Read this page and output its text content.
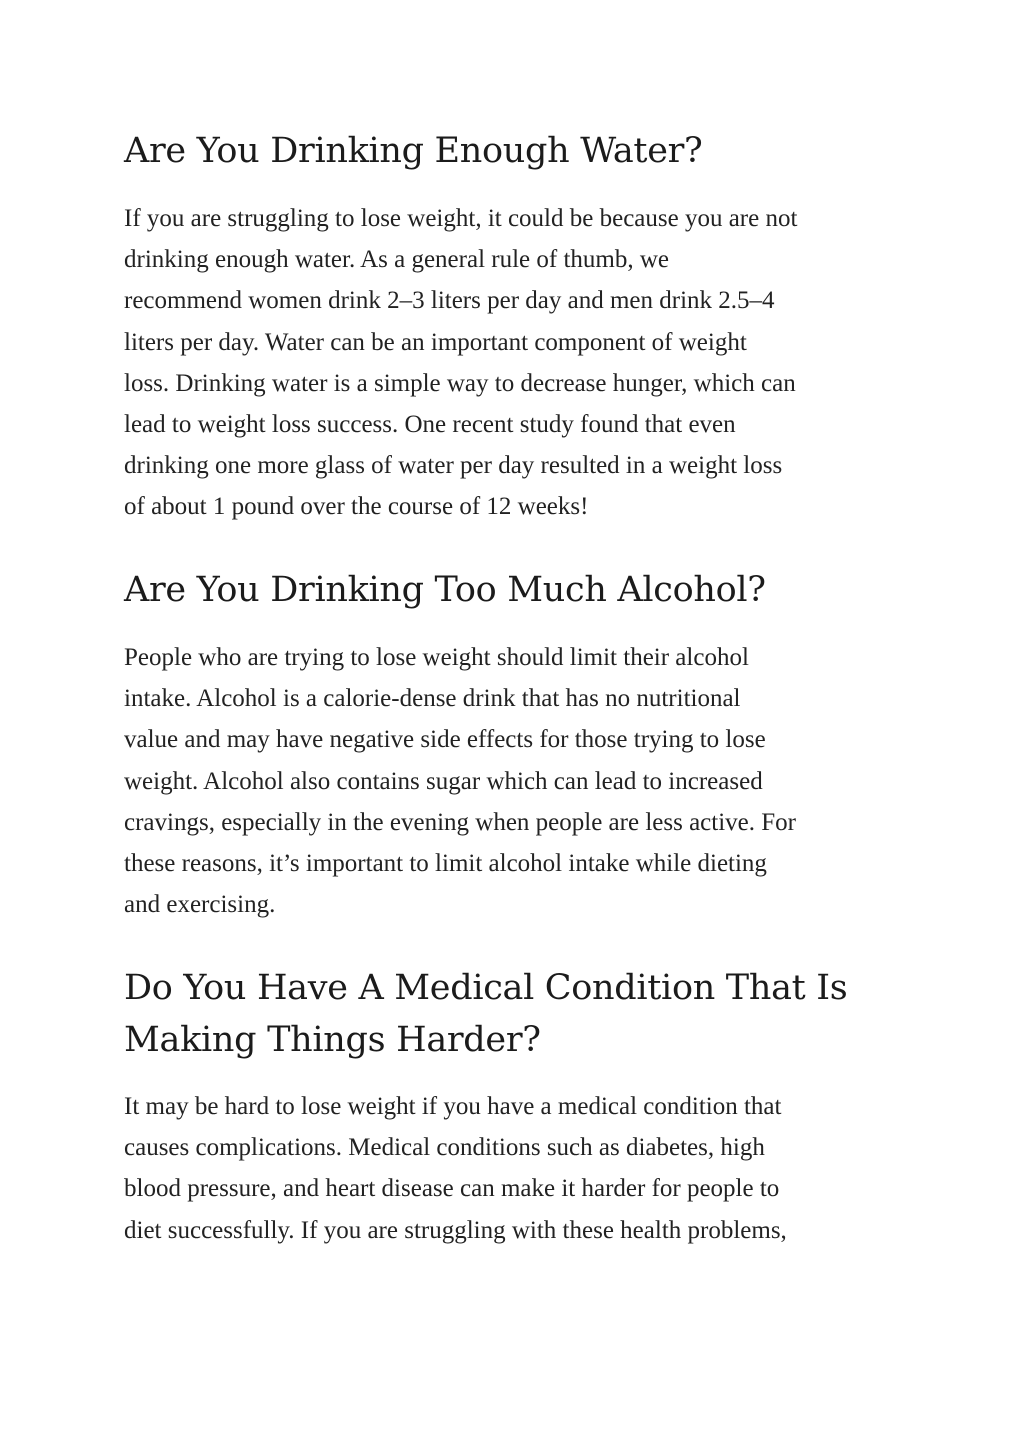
Are You Drinking Enough Water?

If you are struggling to lose weight, it could be because you are not

drinking enough water. As a general rule of thumb, we

recommend women drink 2–3 liters per day and men drink 2.5–4

liters per day. Water can be an important component of weight

loss. Drinking water is a simple way to decrease hunger, which can

lead to weight loss success. One recent study found that even

drinking one more glass of water per day resulted in a weight loss

of about 1 pound over the course of 12 weeks!

Are You Drinking Too Much Alcohol?

People who are trying to lose weight should limit their alcohol

intake. Alcohol is a calorie-dense drink that has no nutritional

value and may have negative side effects for those trying to lose

weight. Alcohol also contains sugar which can lead to increased

cravings, especially in the evening when people are less active. For

these reasons, it’s important to limit alcohol intake while dieting

and exercising.

Do You Have A Medical Condition That Is
Making Things Harder?

It may be hard to lose weight if you have a medical condition that

causes complications. Medical conditions such as diabetes, high

blood pressure, and heart disease can make it harder for people to

diet successfully. If you are struggling with these health problems,
